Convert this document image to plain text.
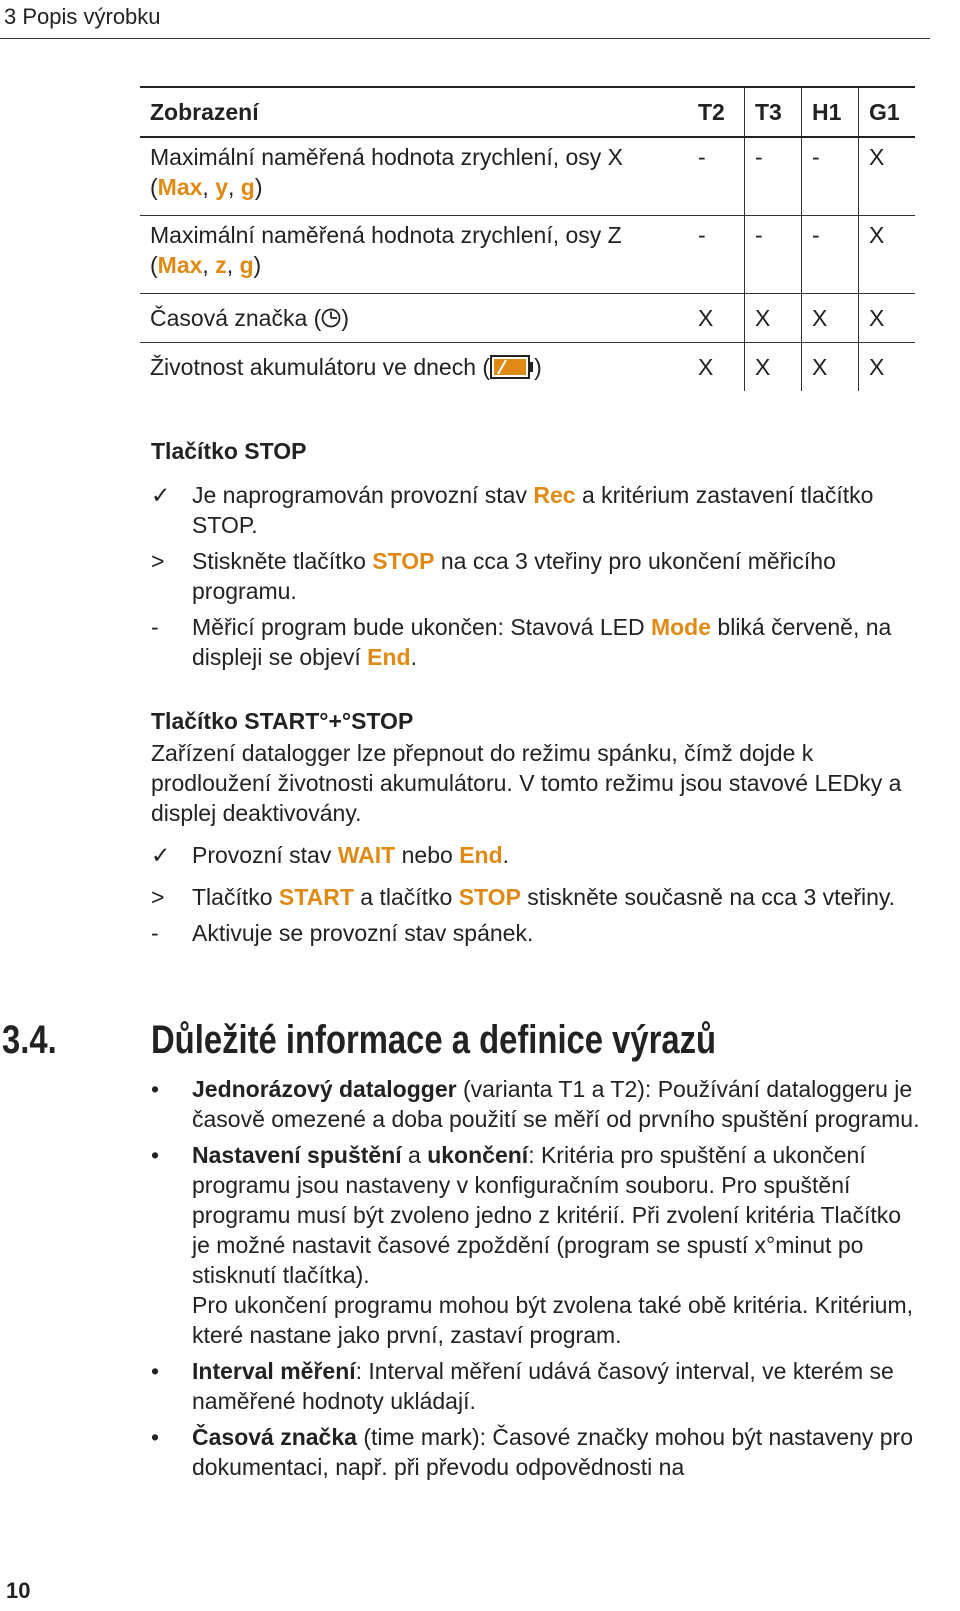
3 Popis výrobku
Zobrazení	T2	T3	H1	G1
Maximální naměřená hodnota zrychlení, osy X
(Max, y, g)	-	-	-	X
Maximální naměřená hodnota zrychlení, osy Z
(Max, z, g)	-	-	-	X
Časová značka ( )	X	X	X	X
Životnost akumulátoru ve dnech ( )	X	X	X	X
Tlačítko STOP
✓ Je naprogramován provozní stav Rec a kritérium zastavení tlačítko STOP.
> Stiskněte tlačítko STOP na cca 3 vteřiny pro ukončení měřicího programu.
- Měřicí program bude ukončen: Stavová LED Mode bliká červeně, na displeji se objeví End.
Tlačítko START°+°STOP
Zařízení datalogger lze přepnout do režimu spánku, čímž dojde k prodloužení životnosti akumulátoru. V tomto režimu jsou stavové LEDky a displej deaktivovány.
✓ Provozní stav WAIT nebo End.
> Tlačítko START a tlačítko STOP stiskněte současně na cca 3 vteřiny.
- Aktivuje se provozní stav spánek.
3.4. Důležité informace a definice výrazů
• Jednorázový datalogger (varianta T1 a T2): Používání dataloggeru je časově omezené a doba použití se měří od prvního spuštění programu.
• Nastavení spuštění a ukončení: Kritéria pro spuštění a ukončení programu jsou nastaveny v konfiguračním souboru. Pro spuštění programu musí být zvoleno jedno z kritérií. Při zvolení kritéria Tlačítko je možné nastavit časové zpoždění (program se spustí x°minut po stisknutí tlačítka).
Pro ukončení programu mohou být zvolena také obě kritéria. Kritérium, které nastane jako první, zastaví program.
• Interval měření: Interval měření udává časový interval, ve kterém se naměřené hodnoty ukládají.
• Časová značka (time mark): Časové značky mohou být nastaveny pro dokumentaci, např. při převodu odpovědnosti na
10
